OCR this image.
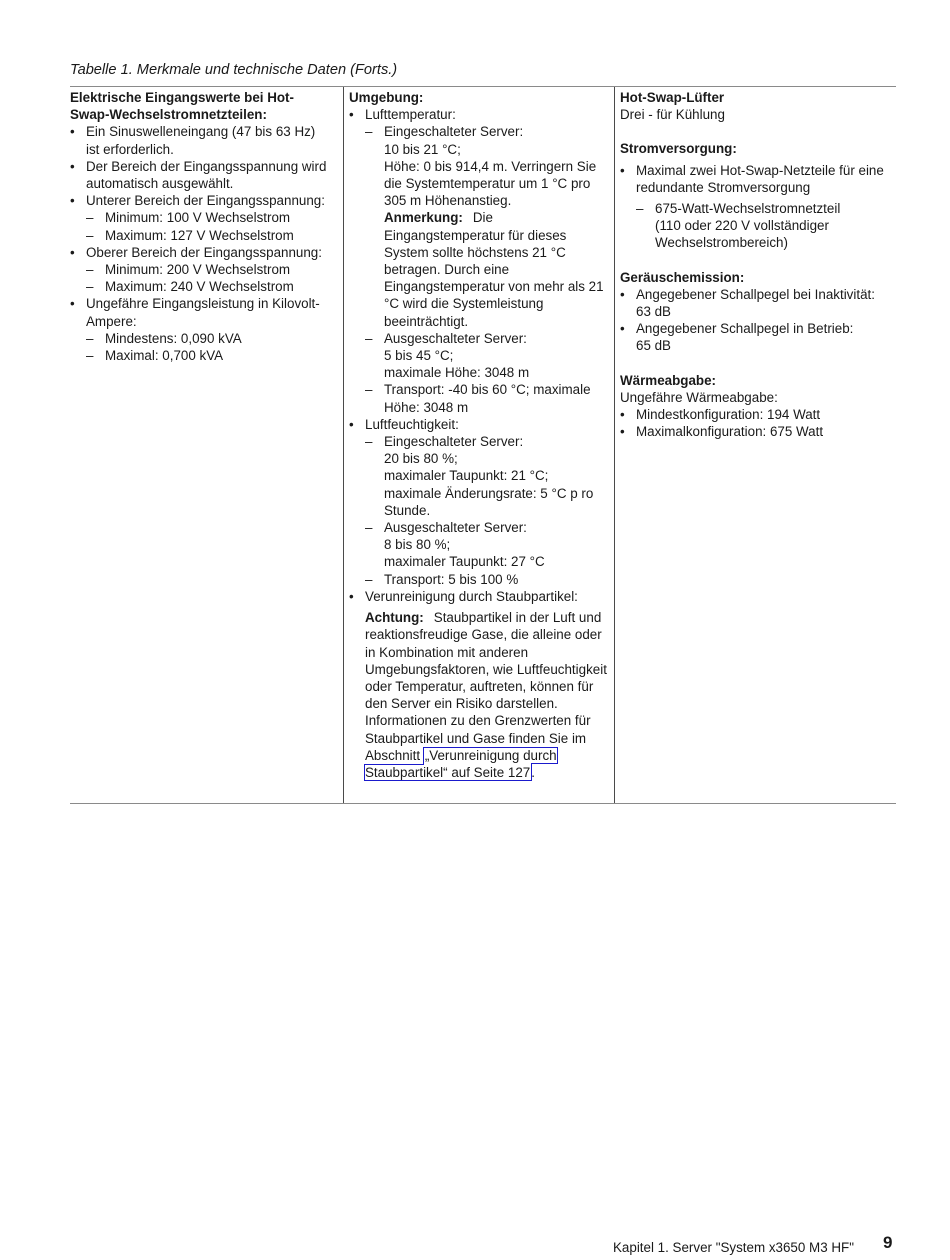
Tabelle 1. Merkmale und technische Daten (Forts.)
Elektrische Eingangswerte bei Hot-Swap-Wechselstromnetzteilen:
• Ein Sinuswelleneingang (47 bis 63 Hz) ist erforderlich.
• Der Bereich der Eingangsspannung wird automatisch ausgewählt.
• Unterer Bereich der Eingangsspannung:
– Minimum: 100 V Wechselstrom
– Maximum: 127 V Wechselstrom
• Oberer Bereich der Eingangsspannung:
– Minimum: 200 V Wechselstrom
– Maximum: 240 V Wechselstrom
• Ungefähre Eingangsleistung in Kilovolt-Ampere:
– Mindestens: 0,090 kVA
– Maximal: 0,700 kVA
Umgebung:
• Lufttemperatur:
– Eingeschalteter Server:
10 bis 21 °C;
Höhe: 0 bis 914,4 m. Verringern Sie die Systemtemperatur um 1 °C pro 305 m Höhenanstieg.
Anmerkung: Die Eingangstemperatur für dieses System sollte höchstens 21 °C betragen. Durch eine Eingangstemperatur von mehr als 21 °C wird die Systemleistung beeinträchtigt.
– Ausgeschalteter Server:
5 bis 45 °C;
maximale Höhe: 3048 m
– Transport: -40 bis 60 °C; maximale Höhe: 3048 m
• Luftfeuchtigkeit:
– Eingeschalteter Server:
20 bis 80 %;
maximaler Taupunkt: 21 °C; maximale Änderungsrate: 5 °C p ro Stunde.
– Ausgeschalteter Server:
8 bis 80 %;
maximaler Taupunkt: 27 °C
– Transport: 5 bis 100 %
• Verunreinigung durch Staubpartikel:
Achtung: Staubpartikel in der Luft und reaktionsfreudige Gase, die alleine oder in Kombination mit anderen Umgebungsfaktoren, wie Luftfeuchtigkeit oder Temperatur, auftreten, können für den Server ein Risiko darstellen. Informationen zu den Grenzwerten für Staubpartikel und Gase finden Sie im Abschnitt „Verunreinigung durch Staubpartikel“ auf Seite 127.
Hot-Swap-Lüfter
Drei - für Kühlung
Stromversorgung:
• Maximal zwei Hot-Swap-Netzteile für eine redundante Stromversorgung
– 675-Watt-Wechselstromnetzteil (110 oder 220 V vollständiger Wechselstrombereich)
Geräuschemission:
• Angegebener Schallpegel bei Inaktivität:
63 dB
• Angegebener Schallpegel in Betrieb:
65 dB
Wärmeabgabe:
Ungefähre Wärmeabgabe:
• Mindestkonfiguration: 194 Watt
• Maximalkonfiguration: 675 Watt
Kapitel 1. Server "System x3650 M3 HF" 9
